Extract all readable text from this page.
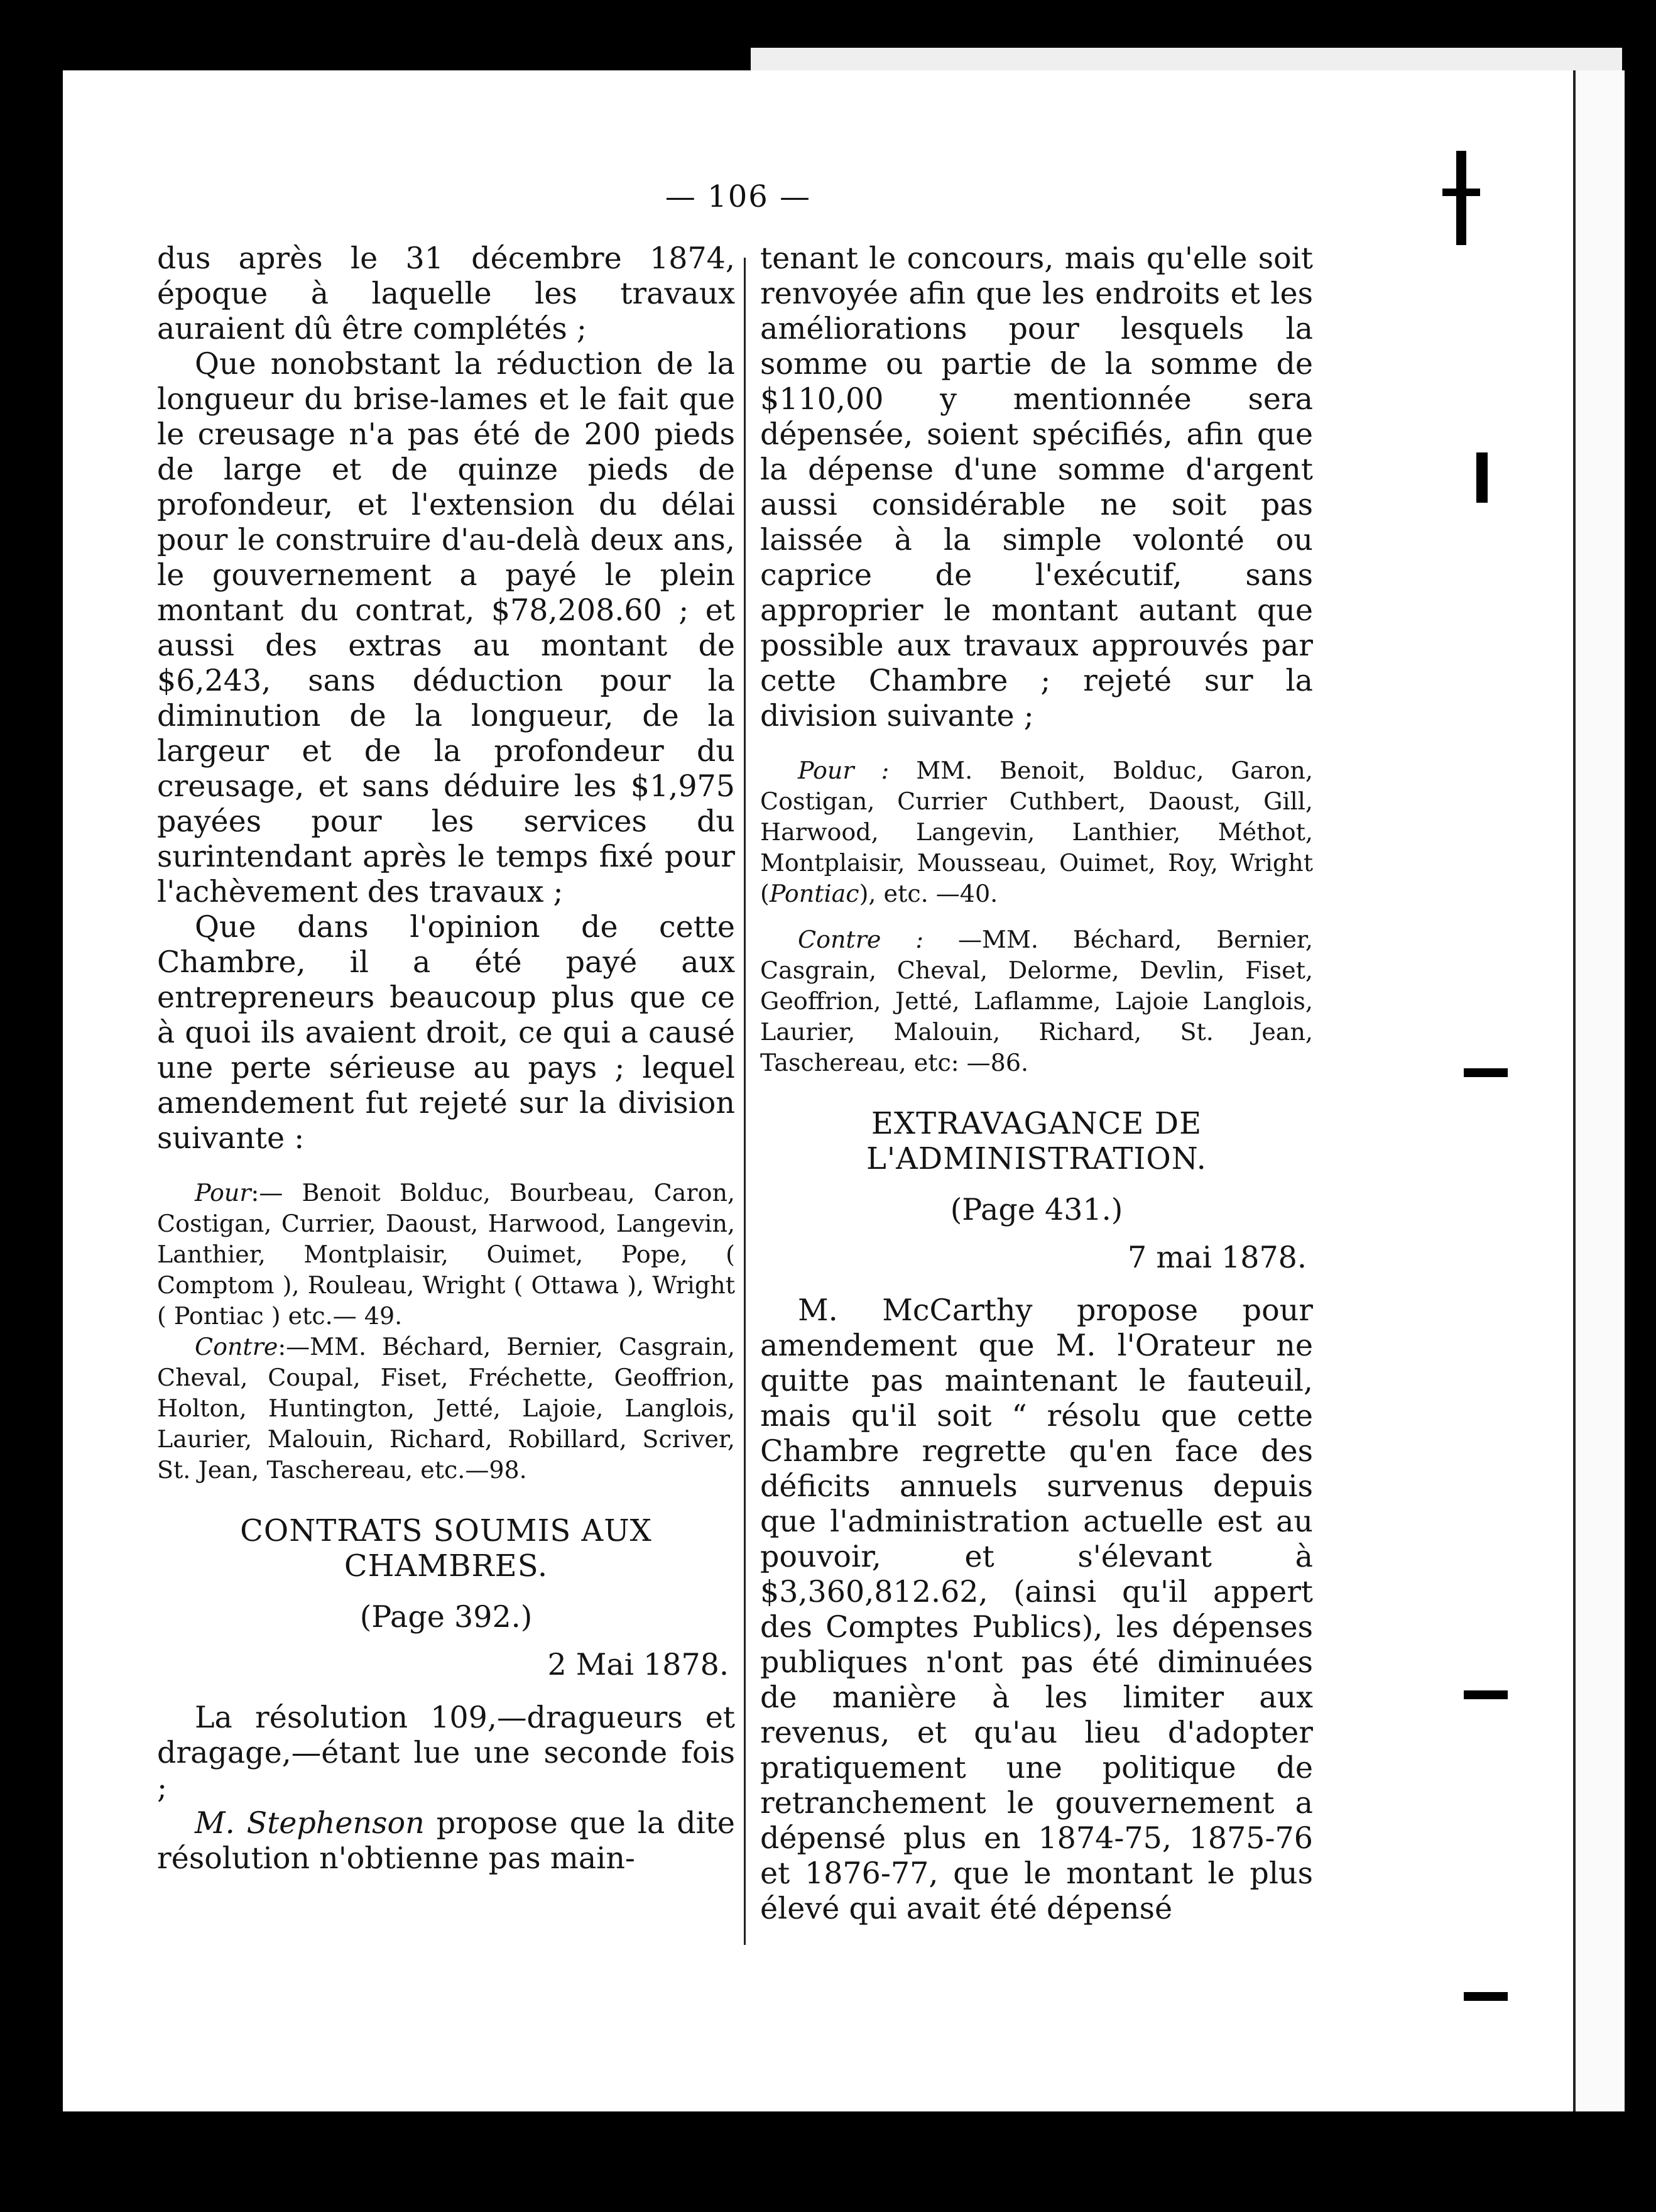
— 106 —

dus après le 31 décembre 1874, époque à laquelle les travaux auraient dû être complétés ;

Que nonobstant la réduction de la longueur du brise-lames et le fait que le creusage n'a pas été de 200 pieds de large et de quinze pieds de profondeur, et l'extension du délai pour le construire d'au-delà deux ans, le gouvernement a payé le plein montant du contrat, $78,208.60 ; et aussi des extras au montant de $6,243, sans déduction pour la diminution de la longueur, de la largeur et de la profondeur du creusage, et sans déduire les $1,975 payées pour les services du surintendant après le temps fixé pour l'achèvement des travaux ;

Que dans l'opinion de cette Chambre, il a été payé aux entrepreneurs beaucoup plus que ce à quoi ils avaient droit, ce qui a causé une perte sérieuse au pays ; lequel amendement fut rejeté sur la division suivante :

Pour:— Benoit Bolduc, Bourbeau, Caron, Costigan, Currier, Daoust, Harwood, Langevin, Lanthier, Montplaisir, Ouimet, Pope, ( Comptom ), Rouleau, Wright ( Ottawa ), Wright ( Pontiac ) etc.— 49.

Contre:—MM. Béchard, Bernier, Casgrain, Cheval, Coupal, Fiset, Fréchette, Geoffrion, Holton, Huntington, Jetté, Lajoie, Langlois, Laurier, Malouin, Richard, Robillard, Scriver, St. Jean, Taschereau, etc.—98.

CONTRATS SOUMIS AUX CHAMBRES.

(Page 392.)

2 Mai 1878.

La résolution 109,—dragueurs et dragage,—étant lue une seconde fois ;

M. Stephenson propose que la dite résolution n'obtienne pas main-

tenant le concours, mais qu'elle soit renvoyée afin que les endroits et les améliorations pour lesquels la somme ou partie de la somme de $110,00 y mentionnée sera dépensée, soient spécifiés, afin que la dépense d'une somme d'argent aussi considérable ne soit pas laissée à la simple volonté ou caprice de l'exécutif, sans approprier le montant autant que possible aux travaux approuvés par cette Chambre ; rejeté sur la division suivante ;

Pour : MM. Benoit, Bolduc, Garon, Costigan, Currier Cuthbert, Daoust, Gill, Harwood, Langevin, Lanthier, Méthot, Montplaisir, Mousseau, Ouimet, Roy, Wright (Pontiac), etc. —40.

Contre : —MM. Béchard, Bernier, Casgrain, Cheval, Delorme, Devlin, Fiset, Geoffrion, Jetté, Laflamme, Lajoie Langlois, Laurier, Malouin, Richard, St. Jean, Taschereau, etc: —86.

EXTRAVAGANCE DE L'ADMINISTRATION.

(Page 431.)

7 mai 1878.

M. McCarthy propose pour amendement que M. l'Orateur ne quitte pas maintenant le fauteuil, mais qu'il soit “ résolu que cette Chambre regrette qu'en face des déficits annuels survenus depuis que l'administration actuelle est au pouvoir, et s'élevant à $3,360,812.62, (ainsi qu'il appert des Comptes Publics), les dépenses publiques n'ont pas été diminuées de manière à les limiter aux revenus, et qu'au lieu d'adopter pratiquement une politique de retranchement le gouvernement a dépensé plus en 1874-75, 1875-76 et 1876-77, que le montant le plus élevé qui avait été dépensé
